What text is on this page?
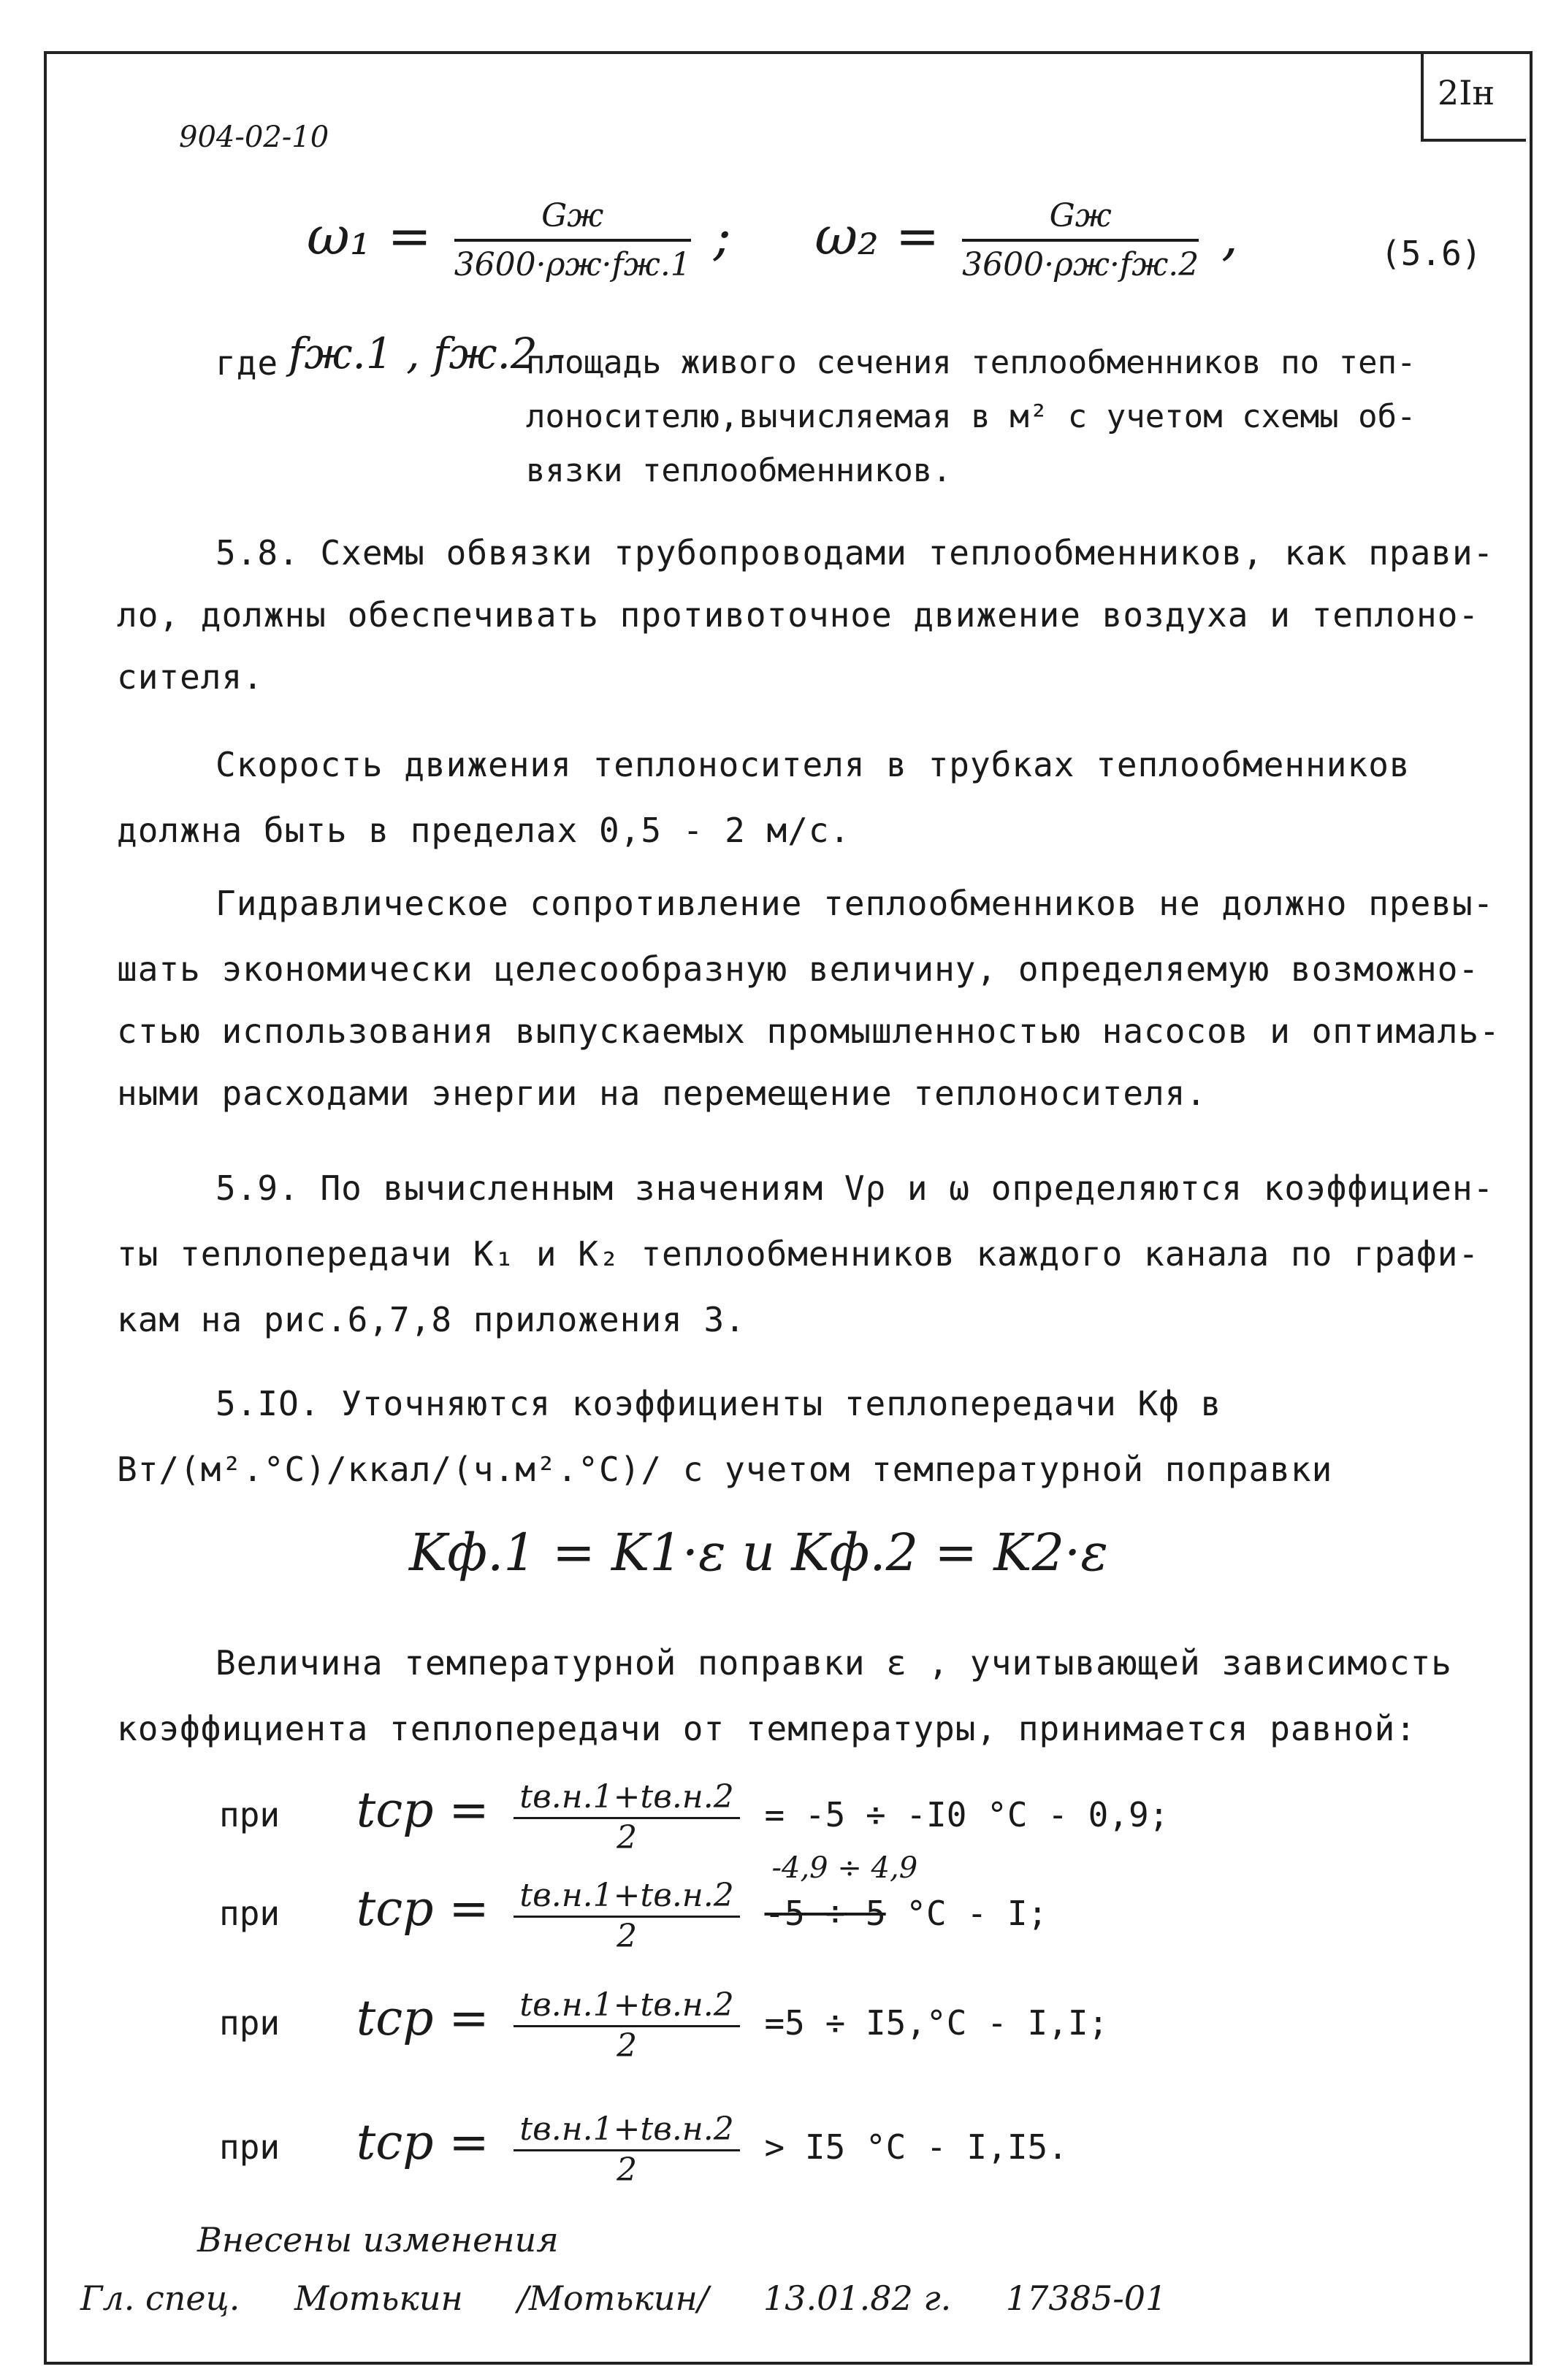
2Iн
904-02-10
$\omega_1 = \frac{Gж}{3600\cdot\rho ж\cdot fж.1}$ ; $\omega_2 = \frac{Gж}{3600\cdot\rho ж\cdot fж.2}$ ,	(5.6)
где fж.1 , fж.2 -
площадь живого сечения теплообменников по теп-
лоносителю,вычисляемая в м² с учетом схемы об-
вязки теплообменников.
5.8. Схемы обвязки трубопроводами теплообменников, как прави-
ло, должны обеспечивать противоточное движение воздуха и теплоно-
сителя.
Скорость движения теплоносителя в трубках теплообменников
должна быть в пределах 0,5 - 2 м/с.
Гидравлическое сопротивление теплообменников не должно превы-
шать экономически целесообразную величину, определяемую возможно-
стью использования выпускаемых промышленностью насосов и оптималь-
ными расходами энергии на перемещение теплоносителя.
5.9. По вычисленным значениям Vρ и ω определяются коэффициен-
ты теплопередачи K₁ и K₂ теплообменников каждого канала по графи-
кам на рис.6,7,8 приложения 3.
5.IO. Уточняются коэффициенты теплопередачи Kф в
Вт/(м².°С)/ккал/(ч.м².°С)/ с учетом температурной поправки
Kф.1 = K1·ε и Kф.2 = K2·ε
Величина температурной поправки ε , учитывающей зависимость
коэффициента теплопередачи от температуры, принимается равной:
при tср = tв.н.1+tв.н.2
2
= -5 ÷ -I0 °С - 0,9;
при tср = tв.н.1+tв.н.2
2

-4,9 ÷ 4,9
-5 ÷ 5 °С - I;
при tср = tв.н.1+tв.н.2
2
=5 ÷ I5,°С - I,I;
при tср = tв.н.1+tв.н.2
2
> I5 °С - I,I5.
Внесены изменения
Гл. спец. Мотькин /Мотькин/ 13.01.82 г. 17385-01
